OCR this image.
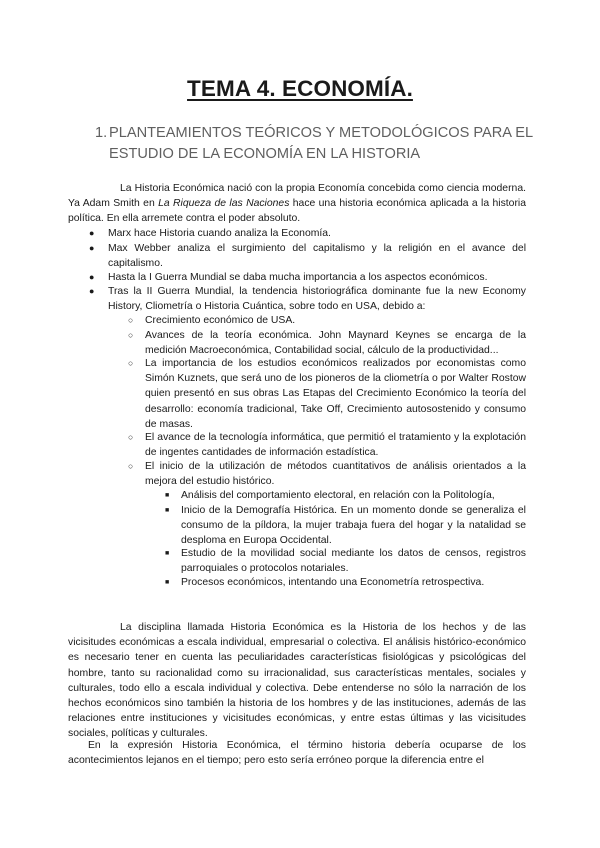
TEMA 4. ECONOMÍA.
1. PLANTEAMIENTOS TEÓRICOS Y METODOLÓGICOS PARA EL ESTUDIO DE LA ECONOMÍA EN LA HISTORIA
La Historia Económica nació con la propia Economía concebida como ciencia moderna. Ya Adam Smith en La Riqueza de las Naciones hace una historia económica aplicada a la historia política. En ella arremete contra el poder absoluto.
● Marx hace Historia cuando analiza la Economía.
● Max Webber analiza el surgimiento del capitalismo y la religión en el avance del capitalismo.
● Hasta la I Guerra Mundial se daba mucha importancia a los aspectos económicos.
● Tras la II Guerra Mundial, la tendencia historiográfica dominante fue la new Economy History, Cliometría o Historia Cuántica, sobre todo en USA, debido a:
○ Crecimiento económico de USA.
○ Avances de la teoría económica. John Maynard Keynes se encarga de la medición Macroeconómica, Contabilidad social, cálculo de la productividad...
○ La importancia de los estudios económicos realizados por economistas como Simón Kuznets, que será uno de los pioneros de la cliometría o por Walter Rostow quien presentó en sus obras Las Etapas del Crecimiento Económico la teoría del desarrollo: economía tradicional, Take Off, Crecimiento autosostenido y consumo de masas.
○ El avance de la tecnología informática, que permitió el tratamiento y la explotación de ingentes cantidades de información estadística.
○ El inicio de la utilización de métodos cuantitativos de análisis orientados a la mejora del estudio histórico.
■ Análisis del comportamiento electoral, en relación con la Politología,
■ Inicio de la Demografía Histórica. En un momento donde se generaliza el consumo de la píldora, la mujer trabaja fuera del hogar y la natalidad se desploma en Europa Occidental.
■ Estudio de la movilidad social mediante los datos de censos, registros parroquiales o protocolos notariales.
■ Procesos económicos, intentando una Econometría retrospectiva.
La disciplina llamada Historia Económica es la Historia de los hechos y de las vicisitudes económicas a escala individual, empresarial o colectiva. El análisis histórico-económico es necesario tener en cuenta las peculiaridades características fisiológicas y psicológicas del hombre, tanto su racionalidad como su irracionalidad, sus características mentales, sociales y culturales, todo ello a escala individual y colectiva. Debe entenderse no sólo la narración de los hechos económicos sino también la historia de los hombres y de las instituciones, además de las relaciones entre instituciones y vicisitudes económicas, y entre estas últimas y las vicisitudes sociales, políticas y culturales.
En la expresión Historia Económica, el término historia debería ocuparse de los acontecimientos lejanos en el tiempo; pero esto sería erróneo porque la diferencia entre el
